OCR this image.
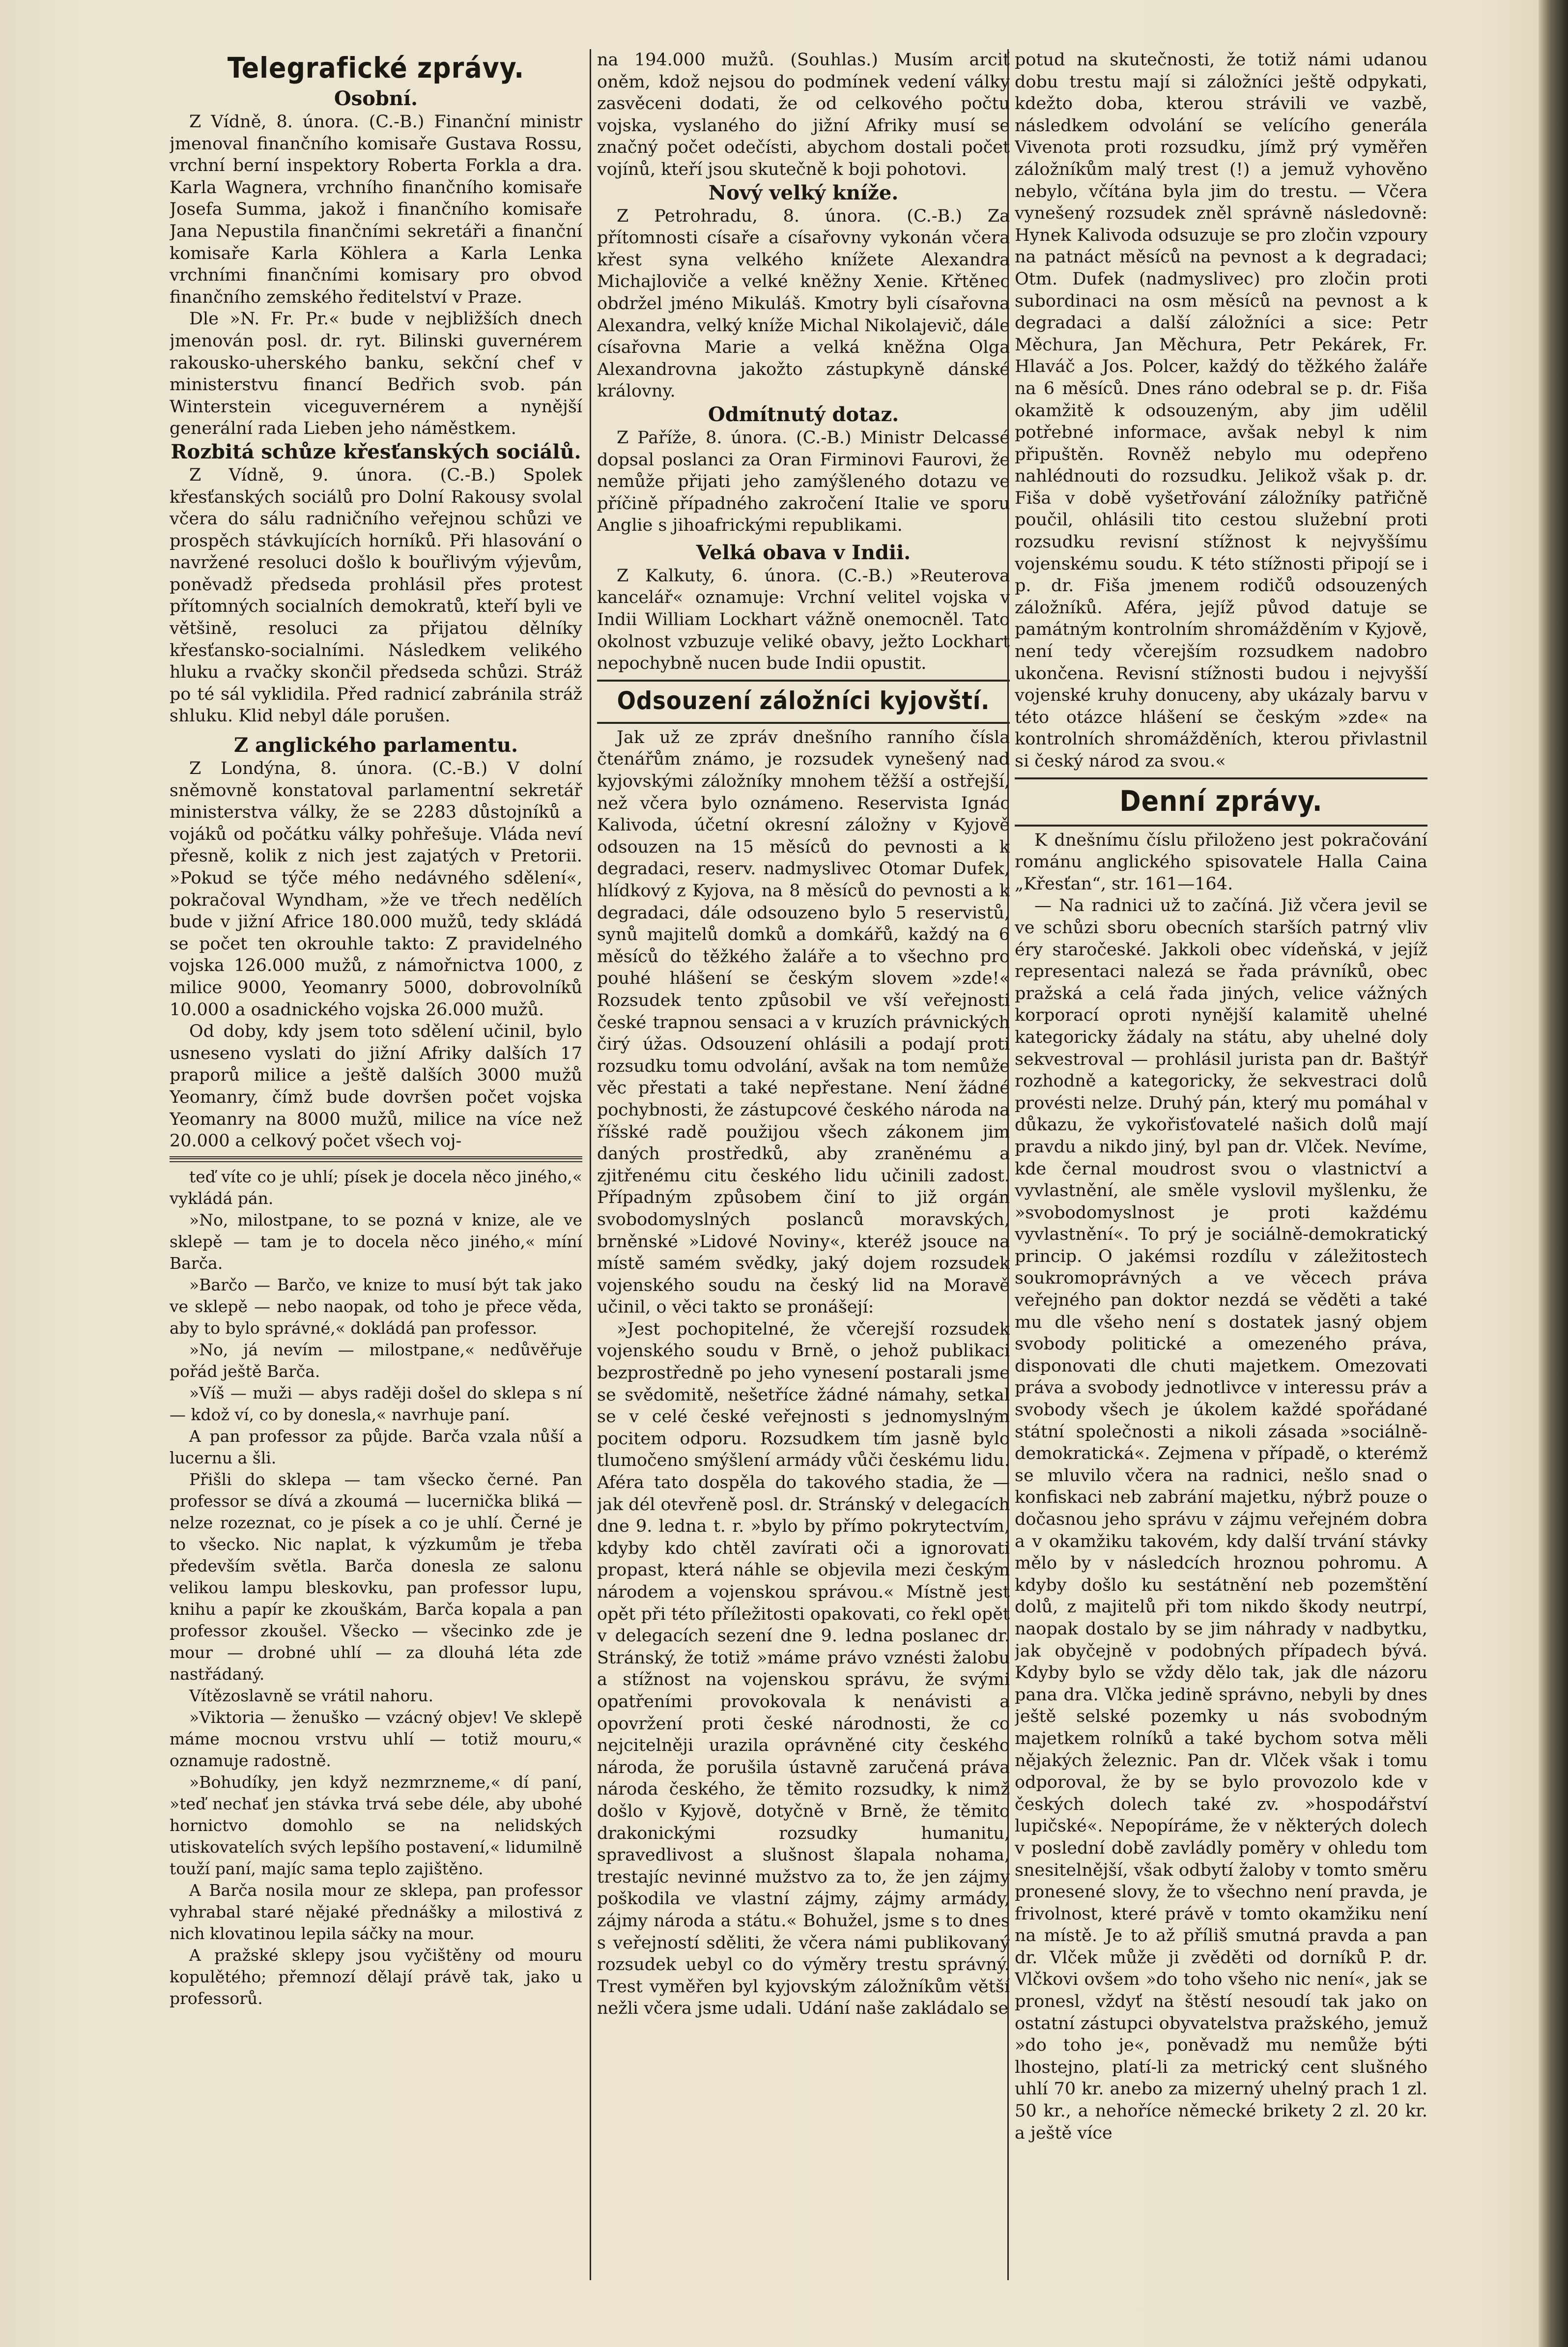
Telegrafické zprávy.
Osobní.

Z Vídně, 8. února. (C.-B.) Finanční ministr jmenoval finančního komisaře Gustava Rossu, vrchní berní inspektory Roberta Forkla a dra. Karla Wagnera, vrchního finančního komisaře Josefa Summa, jakož i finančního komisaře Jana Nepustila finančními sekretáři a finanční komisaře Karla Köhlera a Karla Lenka vrchními finančními komisary pro obvod finančního zemského ředitelství v Praze.

Dle »N. Fr. Pr.« bude v nejbližších dnech jmenován posl. dr. ryt. Bilinski guvernérem rakousko-uherského banku, sekční chef v ministerstvu financí Bedřich svob. pán Winterstein viceguvernérem a nynější generální rada Lieben jeho náměstkem.

Rozbitá schůze křesťanských sociálů.

Z Vídně, 9. února. (C.-B.) Spolek křesťanských sociálů pro Dolní Rakousy svolal včera do sálu radničního veřejnou schůzi ve prospěch stávkujících horníků. Při hlasování o navržené resoluci došlo k bouřlivým výjevům, poněvadž předseda prohlásil přes protest přítomných socialních demokratů, kteří byli ve většině, resoluci za přijatou dělníky křesťansko-socialními. Následkem velikého hluku a rvačky skončil předseda schůzi. Stráž po té sál vyklidila. Před radnicí zabránila stráž shluku. Klid nebyl dále porušen.

Z anglického parlamentu.

Z Londýna, 8. února. (C.-B.) V dolní sněmovně konstatoval parlamentní sekretář ministerstva války, že se 2283 důstojníků a vojáků od počátku války pohřešuje. Vláda neví přesně, kolik z nich jest zajatých v Pretorii. »Pokud se týče mého nedávného sdělení«, pokračoval Wyndham, »že ve třech nedělích bude v jižní Africe 180.000 mužů, tedy skládá se počet ten okrouhle takto: Z pravidelného vojska 126.000 mužů, z námořnictva 1000, z milice 9000, Yeomanry 5000, dobrovolníků 10.000 a osadnického vojska 26.000 mužů.

Od doby, kdy jsem toto sdělení učinil, bylo usneseno vyslati do jižní Afriky dalších 17 praporů milice a ještě dalších 3000 mužů Yeomanry, čímž bude dovršen počet vojska Yeomanry na 8000 mužů, milice na více než 20.000 a celkový počet všech voj-

teď víte co je uhlí; písek je docela něco jiného,« vykládá pán.

»No, milostpane, to se pozná v knize, ale ve sklepě — tam je to docela něco jiného,« míní Barča.

»Barčo — Barčo, ve knize to musí být tak jako ve sklepě — nebo naopak, od toho je přece věda, aby to bylo správné,« dokládá pan professor.

»No, já nevím — milostpane,« nedůvěřuje pořád ještě Barča.

»Víš — muži — abys raději došel do sklepa s ní — kdož ví, co by donesla,« navrhuje paní.

A pan professor za půjde. Barča vzala nůší a lucernu a šli.

Přišli do sklepa — tam všecko černé. Pan professor se dívá a zkoumá — lucernička bliká — nelze rozeznat, co je písek a co je uhlí. Černé je to všecko. Nic naplat, k výzkumům je třeba především světla. Barča donesla ze salonu velikou lampu bleskovku, pan professor lupu, knihu a papír ke zkouškám, Barča kopala a pan professor zkoušel. Všecko — všecinko zde je mour — drobné uhlí — za dlouhá léta zde nastřádaný.

Vítězoslavně se vrátil nahoru.

»Viktoria — ženuško — vzácný objev! Ve sklepě máme mocnou vrstvu uhlí — totiž mouru,« oznamuje radostně.

»Bohudíky, jen když nezmrzneme,« dí paní, »teď nechať jen stávka trvá sebe déle, aby ubohé hornictvo domohlo se na nelidských utiskovatelích svých lepšího postavení,« lidumilně touží paní, majíc sama teplo zajištěno.

A Barča nosila mour ze sklepa, pan professor vyhrabal staré nějaké přednášky a milostivá z nich klovatinou lepila sáčky na mour.

A pražské sklepy jsou vyčištěny od mouru kopulětého; přemnozí dělají právě tak, jako u professorů.

na 194.000 mužů. (Souhlas.) Musím arciť oněm, kdož nejsou do podmínek vedení války zasvěceni dodati, že od celkového počtu vojska, vyslaného do jižní Afriky musí se značný počet odečísti, abychom dostali počet vojínů, kteří jsou skutečně k boji pohotovi.

Nový velký kníže.

Z Petrohradu, 8. února. (C.-B.) Za přítomnosti císaře a císařovny vykonán včera křest syna velkého knížete Alexandra Michajloviče a velké kněžny Xenie. Křtěnec obdržel jméno Mikuláš. Kmotry byli císařovna Alexandra, velký kníže Michal Nikolajevič, dále císařovna Marie a velká kněžna Olga Alexandrovna jakožto zástupkyně dánské královny.

Odmítnutý dotaz.

Z Paříže, 8. února. (C.-B.) Ministr Delcassé dopsal poslanci za Oran Firminovi Faurovi, že nemůže přijati jeho zamýšleného dotazu ve příčině případného zakročení Italie ve sporu Anglie s jihoafrickými republikami.

Velká obava v Indii.

Z Kalkuty, 6. února. (C.-B.) »Reuterova kancelář« oznamuje: Vrchní velitel vojska v Indii William Lockhart vážně onemocněl. Tato okolnost vzbuzuje veliké obavy, ježto Lockhart nepochybně nucen bude Indii opustit.

Odsouzení záložníci kyjovští.

Jak už ze zpráv dnešního ranního čísla čtenářům známo, je rozsudek vynešený nad kyjovskými záložníky mnohem těžší a ostřejší, než včera bylo oznámeno. Reservista Ignác Kalivoda, účetní okresní záložny v Kyjově odsouzen na 15 měsíců do pevnosti a k degradaci, reserv. nadmyslivec Otomar Dufek, hlídkový z Kyjova, na 8 měsíců do pevnosti a k degradaci, dále odsouzeno bylo 5 reservistů, synů majitelů domků a domkářů, každý na 6 měsíců do těžkého žaláře a to všechno pro pouhé hlášení se českým slovem »zde!« Rozsudek tento způsobil ve vší veřejnosti české trapnou sensaci a v kruzích právnických čirý úžas. Odsouzení ohlásili a podají proti rozsudku tomu odvolání, avšak na tom nemůže věc přestati a také nepřestane. Není žádné pochybnosti, že zástupcové českého národa na říšské radě použijou všech zákonem jim daných prostředků, aby zraněnému a zjitřenému citu českého lidu učinili zadost. Případným způsobem činí to již orgán svobodomyslných poslanců moravských, brněnské »Lidové Noviny«, kteréž jsouce na místě samém svědky, jaký dojem rozsudek vojenského soudu na český lid na Moravě učinil, o věci takto se pronášejí:

»Jest pochopitelné, že včerejší rozsudek vojenského soudu v Brně, o jehož publikaci bezprostředně po jeho vynesení postarali jsme se svědomitě, nešetříce žádné námahy, setkal se v celé české veřejnosti s jednomyslným pocitem odporu. Rozsudkem tím jasně bylo tlumočeno smýšlení armády vůči českému lidu. Aféra tato dospěla do takového stadia, že — jak dél otevřeně posl. dr. Stránský v delegacích dne 9. ledna t. r. »bylo by přímo pokrytectvím, kdyby kdo chtěl zavírati oči a ignorovati propast, která náhle se objevila mezi českým národem a vojenskou správou.« Místně jest opět při této příležitosti opakovati, co řekl opět v delegacích sezení dne 9. ledna poslanec dr. Stránský, že totiž »máme právo vznésti žalobu a stížnost na vojenskou správu, že svými opatřeními provokovala k nenávisti a opovržení proti české národnosti, že co nejcitelněji urazila oprávněné city českého národa, že porušila ústavně zaručená práva národa českého, že těmito rozsudky, k nimž došlo v Kyjově, dotyčně v Brně, že těmito drakonickými rozsudky humanitu, spravedlivost a slušnost šlapala nohama, trestajíc nevinné mužstvo za to, že jen zájmy poškodila ve vlastní zájmy, zájmy armády, zájmy národa a státu.« Bohužel, jsme s to dnes s veřejností sděliti, že včera námi publikovaný rozsudek uebyl co do výměry trestu správný. Trest vyměřen byl kyjovským záložníkům větší nežli včera jsme udali. Udání naše zakládalo se

potud na skutečnosti, že totiž námi udanou dobu trestu mají si záložníci ještě odpykati, kdežto doba, kterou strávili ve vazbě, následkem odvolání se velícího generála Vivenota proti rozsudku, jímž prý vyměřen záložníkům malý trest (!) a jemuž vyhověno nebylo, včítána byla jim do trestu. — Včera vynešený rozsudek zněl správně následovně: Hynek Kalivoda odsuzuje se pro zločin vzpoury na patnáct měsíců na pevnost a k degradaci; Otm. Dufek (nadmyslivec) pro zločin proti subordinaci na osm měsíců na pevnost a k degradaci a další záložníci a sice: Petr Měchura, Jan Měchura, Petr Pekárek, Fr. Hlaváč a Jos. Polcer, každý do těžkého žaláře na 6 měsíců. Dnes ráno odebral se p. dr. Fiša okamžitě k odsouzeným, aby jim udělil potřebné informace, avšak nebyl k nim připuštěn. Rovněž nebylo mu odepřeno nahlédnouti do rozsudku. Jelikož však p. dr. Fiša v době vyšetřování záložníky patřičně poučil, ohlásili tito cestou služební proti rozsudku revisní stížnost k nejvyššímu vojenskému soudu. K této stížnosti připojí se i p. dr. Fiša jmenem rodičů odsouzených záložníků. Aféra, jejíž původ datuje se památným kontrolním shromážděním v Kyjově, není tedy včerejším rozsudkem nadobro ukončena. Revisní stížnosti budou i nejvyšší vojenské kruhy donuceny, aby ukázaly barvu v této otázce hlášení se českým »zde« na kontrolních shromážděních, kterou přivlastnil si český národ za svou.«

Denní zprávy.

K dnešnímu číslu přiloženo jest pokračování románu anglického spisovatele Halla Caina „Křesťan“, str. 161—164.

— Na radnici už to začíná. Již včera jevil se ve schůzi sboru obecních starších patrný vliv éry staročeské. Jakkoli obec vídeňská, v jejíž representaci nalezá se řada právníků, obec pražská a celá řada jiných, velice vážných korporací oproti nynější kalamitě uhelné kategoricky žádaly na státu, aby uhelné doly sekvestroval — prohlásil jurista pan dr. Baštýř rozhodně a kategoricky, že sekvestraci dolů provésti nelze. Druhý pán, který mu pomáhal v důkazu, že vykořisťovatelé našich dolů mají pravdu a nikdo jiný, byl pan dr. Vlček. Nevíme, kde černal moudrost svou o vlastnictví a vyvlastnění, ale směle vyslovil myšlenku, že »svobodomyslnost je proti každému vyvlastnění«. To prý je sociálně-demokratický princip. O jakémsi rozdílu v záležitostech soukromoprávných a ve věcech práva veřejného pan doktor nezdá se věděti a také mu dle všeho není s dostatek jasný objem svobody politické a omezeného práva, disponovati dle chuti majetkem. Omezovati práva a svobody jednotlivce v interessu práv a svobody všech je úkolem každé spořádané státní společnosti a nikoli zásada »sociálně-demokratická«. Zejmena v případě, o kterémž se mluvilo včera na radnici, nešlo snad o konfiskaci neb zabrání majetku, nýbrž pouze o dočasnou jeho správu v zájmu veřejném dobra a v okamžiku takovém, kdy další trvání stávky mělo by v následcích hroznou pohromu. A kdyby došlo ku sestátnění neb pozemštění dolů, z majitelů při tom nikdo škody neutrpí, naopak dostalo by se jim náhrady v nadbytku, jak obyčejně v podobných případech bývá. Kdyby bylo se vždy dělo tak, jak dle názoru pana dra. Vlčka jedině správno, nebyli by dnes ještě selské pozemky u nás svobodným majetkem rolníků a také bychom sotva měli nějakých železnic. Pan dr. Vlček však i tomu odporoval, že by se bylo provozolo kde v českých dolech také zv. »hospodářství lupičské«. Nepopíráme, že v některých dolech v poslední době zavládly poměry v ohledu tom snesitelnější, však odbytí žaloby v tomto směru pronesené slovy, že to všechno není pravda, je frivolnost, které právě v tomto okamžiku není na místě. Je to až příliš smutná pravda a pan dr. Vlček může ji zvěděti od dorníků P. dr. Vlčkovi ovšem »do toho všeho nic není«, jak se pronesl, vždyť na štěstí nesoudí tak jako on ostatní zástupci obyvatelstva pražského, jemuž »do toho je«, poněvadž mu nemůže býti lhostejno, platí-li za metrický cent slušného uhlí 70 kr. anebo za mizerný uhelný prach 1 zl. 50 kr., a nehoříce německé brikety 2 zl. 20 kr. a ještě více
